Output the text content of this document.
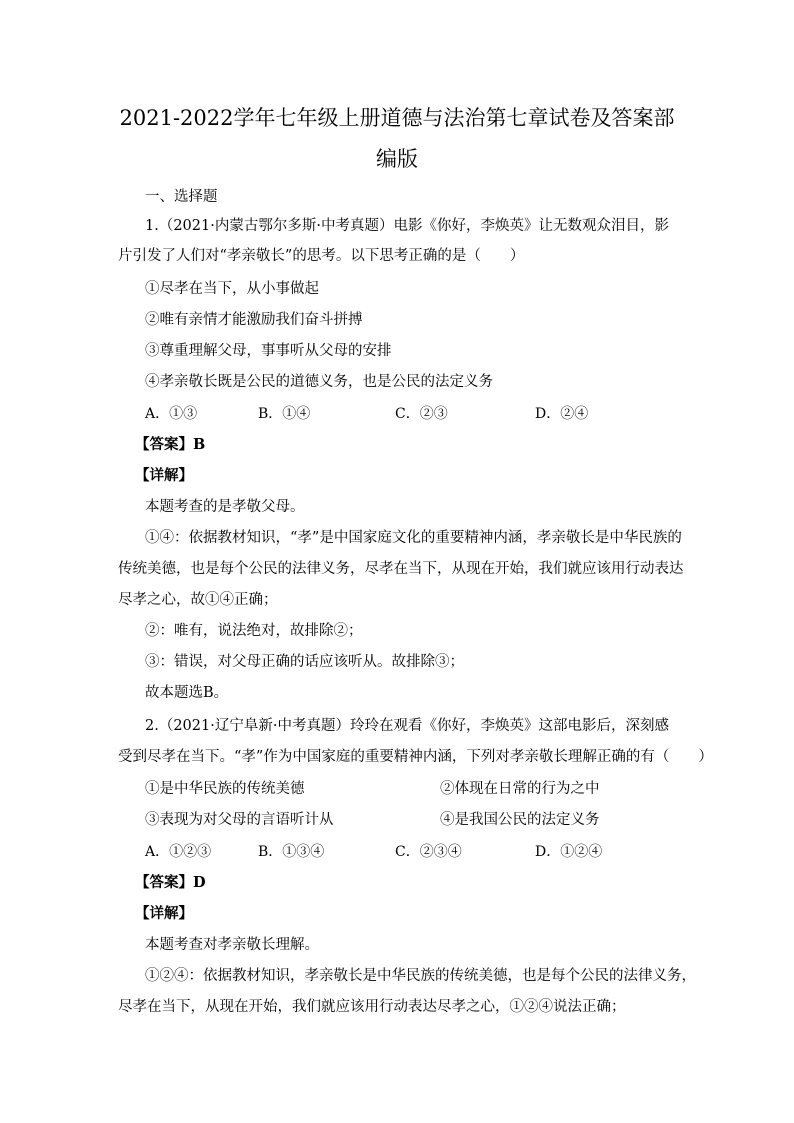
2021-2022学年七年级上册道德与法治第七章试卷及答案部
编版
一、选择题
1.（2021·内蒙古鄂尔多斯·中考真题）电影《你好，李焕英》让无数观众泪目，影
片引发了人们对“孝亲敬长”的思考。以下思考正确的是（　　）
①尽孝在当下，从小事做起
②唯有亲情才能激励我们奋斗拼搏
③尊重理解父母，事事听从父母的安排
④孝亲敬长既是公民的道德义务，也是公民的法定义务
A．①③	B．①④	C．②③	D．②④
【答案】B
【详解】
本题考查的是孝敬父母。
①④：依据教材知识，“孝”是中国家庭文化的重要精神内涵，孝亲敬长是中华民族的
传统美德，也是每个公民的法律义务，尽孝在当下，从现在开始，我们就应该用行动表达
尽孝之心，故①④正确；
②：唯有，说法绝对，故排除②；
③：错误，对父母正确的话应该听从。故排除③；
故本题选B。
2.（2021·辽宁阜新·中考真题）玲玲在观看《你好，李焕英》这部电影后，深刻感
受到尽孝在当下。“孝”作为中国家庭的重要精神内涵，下列对孝亲敬长理解正确的有（　　）
①是中华民族的传统美德	②体现在日常的行为之中
③表现为对父母的言语听计从	④是我国公民的法定义务
A．①②③	B．①③④	C．②③④	D．①②④
【答案】D
【详解】
本题考查对孝亲敬长理解。
①②④：依据教材知识，孝亲敬长是中华民族的传统美德，也是每个公民的法律义务，
尽孝在当下，从现在开始，我们就应该用行动表达尽孝之心，①②④说法正确；
